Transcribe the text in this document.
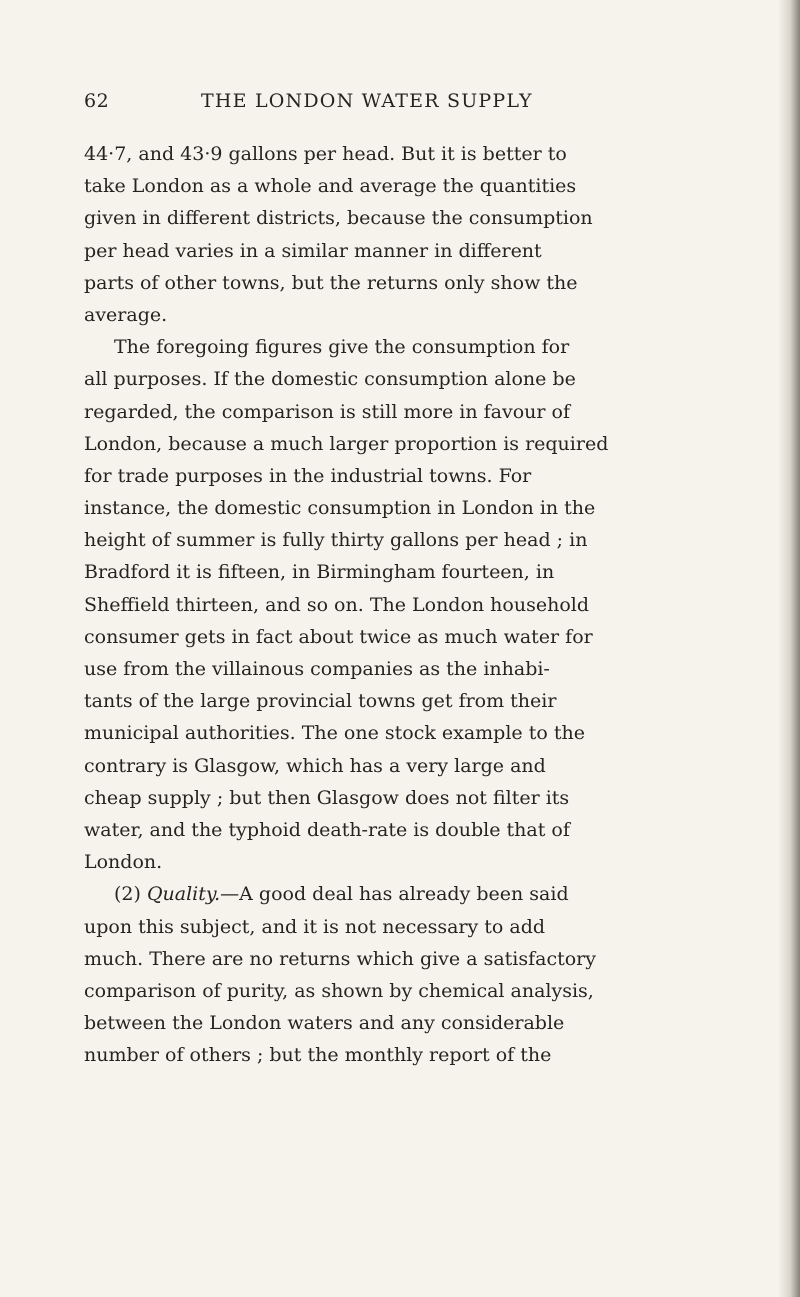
62	THE LONDON WATER SUPPLY
44·7, and 43·9 gallons per head. But it is better to
take London as a whole and average the quantities
given in different districts, because the consumption
per head varies in a similar manner in different
parts of other towns, but the returns only show the
average.
The foregoing figures give the consumption for
all purposes. If the domestic consumption alone be
regarded, the comparison is still more in favour of
London, because a much larger proportion is required
for trade purposes in the industrial towns. For
instance, the domestic consumption in London in the
height of summer is fully thirty gallons per head ; in
Bradford it is fifteen, in Birmingham fourteen, in
Sheffield thirteen, and so on. The London household
consumer gets in fact about twice as much water for
use from the villainous companies as the inhabi-
tants of the large provincial towns get from their
municipal authorities. The one stock example to the
contrary is Glasgow, which has a very large and
cheap supply ; but then Glasgow does not filter its
water, and the typhoid death-rate is double that of
London.
(2) Quality.—A good deal has already been said
upon this subject, and it is not necessary to add
much. There are no returns which give a satisfactory
comparison of purity, as shown by chemical analysis,
between the London waters and any considerable
number of others ; but the monthly report of the
